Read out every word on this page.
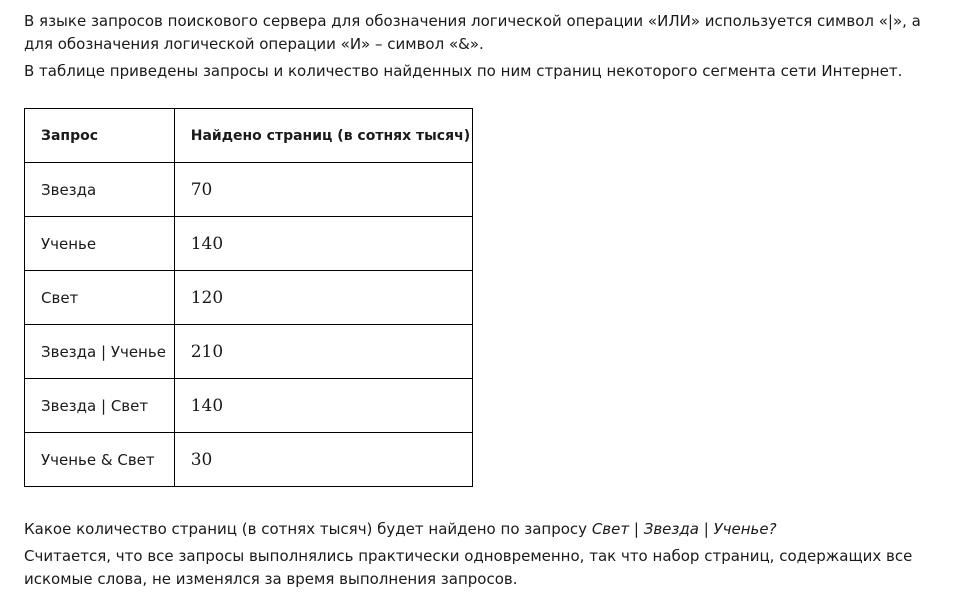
В языке запросов поискового сервера для обозначения логической операции «ИЛИ» используется символ «|», а для обозначения логической операции «И» – символ «&».

В таблице приведены запросы и количество найденных по ним страниц некоторого сегмента сети Интернет.

Запрос	Найдено страниц (в сотнях тысяч)
Звезда	70
Ученье	140
Свет	120
Звезда | Ученье	210
Звезда | Свет	140
Ученье & Свет	30

Какое количество страниц (в сотнях тысяч) будет найдено по запросу Свет | Звезда | Ученье?

Считается, что все запросы выполнялись практически одновременно, так что набор страниц, содержащих все искомые слова, не изменялся за время выполнения запросов.
